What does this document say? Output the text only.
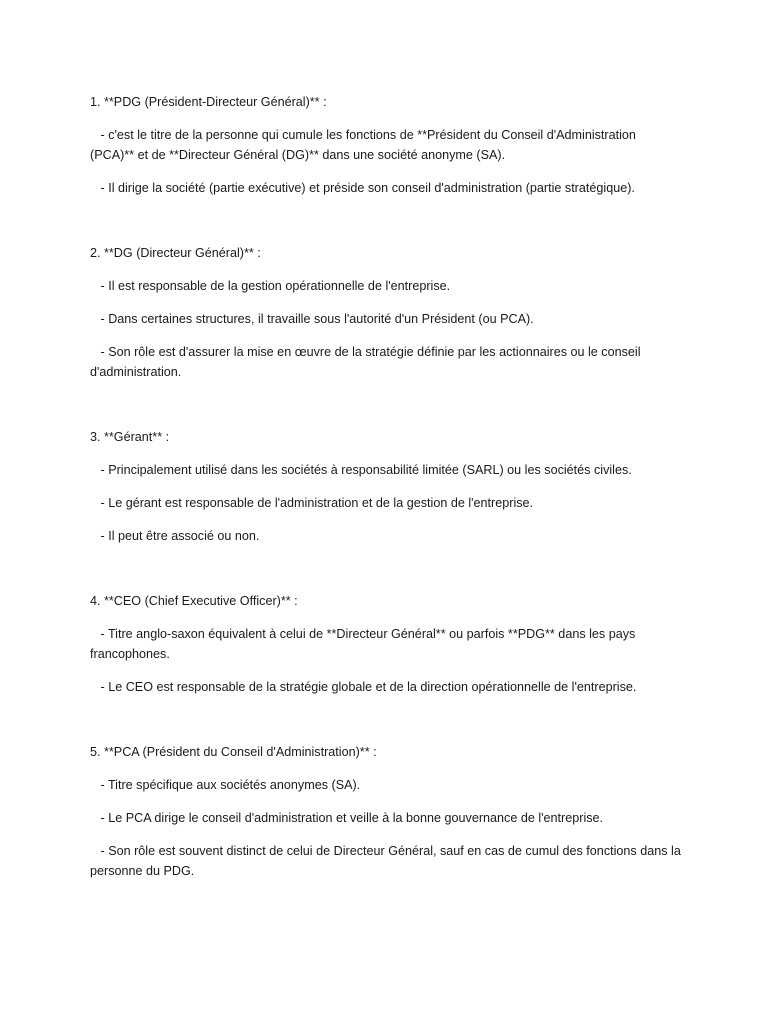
1. **PDG (Président-Directeur Général)** :

- c'est le titre de la personne qui cumule les fonctions de **Président du Conseil d'Administration (PCA)** et de **Directeur Général (DG)** dans une société anonyme (SA).

- Il dirige la société (partie exécutive) et préside son conseil d'administration (partie stratégique).

2. **DG (Directeur Général)** :

- Il est responsable de la gestion opérationnelle de l'entreprise.

- Dans certaines structures, il travaille sous l'autorité d'un Président (ou PCA).

- Son rôle est d'assurer la mise en œuvre de la stratégie définie par les actionnaires ou le conseil d'administration.

3. **Gérant** :

- Principalement utilisé dans les sociétés à responsabilité limitée (SARL) ou les sociétés civiles.

- Le gérant est responsable de l'administration et de la gestion de l'entreprise.

- Il peut être associé ou non.

4. **CEO (Chief Executive Officer)** :

- Titre anglo-saxon équivalent à celui de **Directeur Général** ou parfois **PDG** dans les pays francophones.

- Le CEO est responsable de la stratégie globale et de la direction opérationnelle de l'entreprise.

5. **PCA (Président du Conseil d'Administration)** :

- Titre spécifique aux sociétés anonymes (SA).

- Le PCA dirige le conseil d'administration et veille à la bonne gouvernance de l'entreprise.

- Son rôle est souvent distinct de celui de Directeur Général, sauf en cas de cumul des fonctions dans la personne du PDG.
